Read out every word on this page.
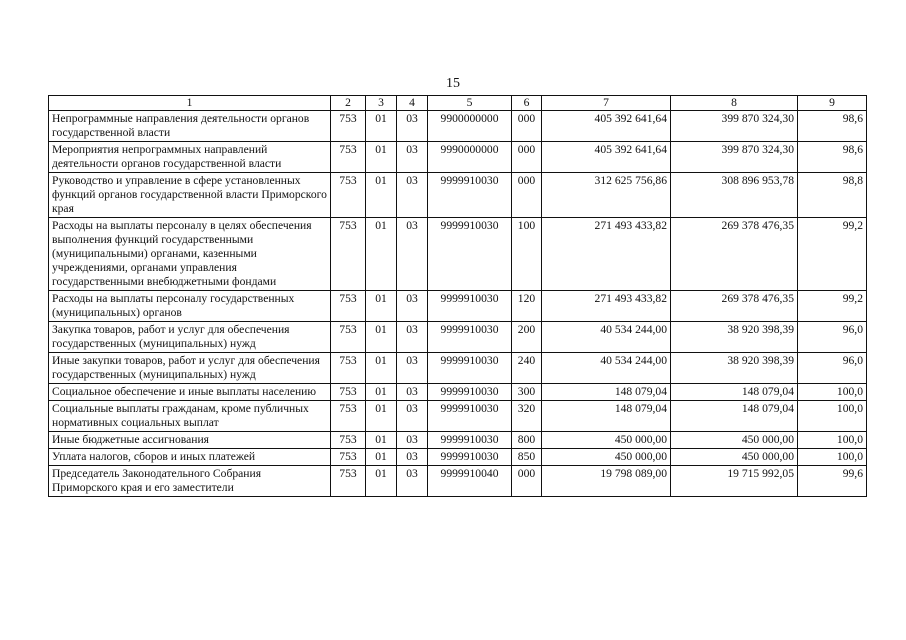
15
1	2	3	4	5	6	7	8	9
Непрограммные направления деятельности органов государственной власти	753	01	03	9900000000	000	405 392 641,64	399 870 324,30	98,6
Мероприятия непрограммных направлений деятельности органов государственной власти	753	01	03	9990000000	000	405 392 641,64	399 870 324,30	98,6
Руководство и управление в сфере установленных функций органов государственной власти Приморского края	753	01	03	9999910030	000	312 625 756,86	308 896 953,78	98,8
Расходы на выплаты персоналу в целях обеспечения выполнения функций государственными (муниципальными) органами, казенными учреждениями, органами управления государственными внебюджетными фондами	753	01	03	9999910030	100	271 493 433,82	269 378 476,35	99,2
Расходы на выплаты персоналу государственных (муниципальных) органов	753	01	03	9999910030	120	271 493 433,82	269 378 476,35	99,2
Закупка товаров, работ и услуг для обеспечения государственных (муниципальных) нужд	753	01	03	9999910030	200	40 534 244,00	38 920 398,39	96,0
Иные закупки товаров, работ и услуг для обеспечения государственных (муниципальных) нужд	753	01	03	9999910030	240	40 534 244,00	38 920 398,39	96,0
Социальное обеспечение и иные выплаты населению	753	01	03	9999910030	300	148 079,04	148 079,04	100,0
Социальные выплаты гражданам, кроме публичных нормативных социальных выплат	753	01	03	9999910030	320	148 079,04	148 079,04	100,0
Иные бюджетные ассигнования	753	01	03	9999910030	800	450 000,00	450 000,00	100,0
Уплата налогов, сборов и иных платежей	753	01	03	9999910030	850	450 000,00	450 000,00	100,0
Председатель Законодательного Собрания Приморского края и его заместители	753	01	03	9999910040	000	19 798 089,00	19 715 992,05	99,6
